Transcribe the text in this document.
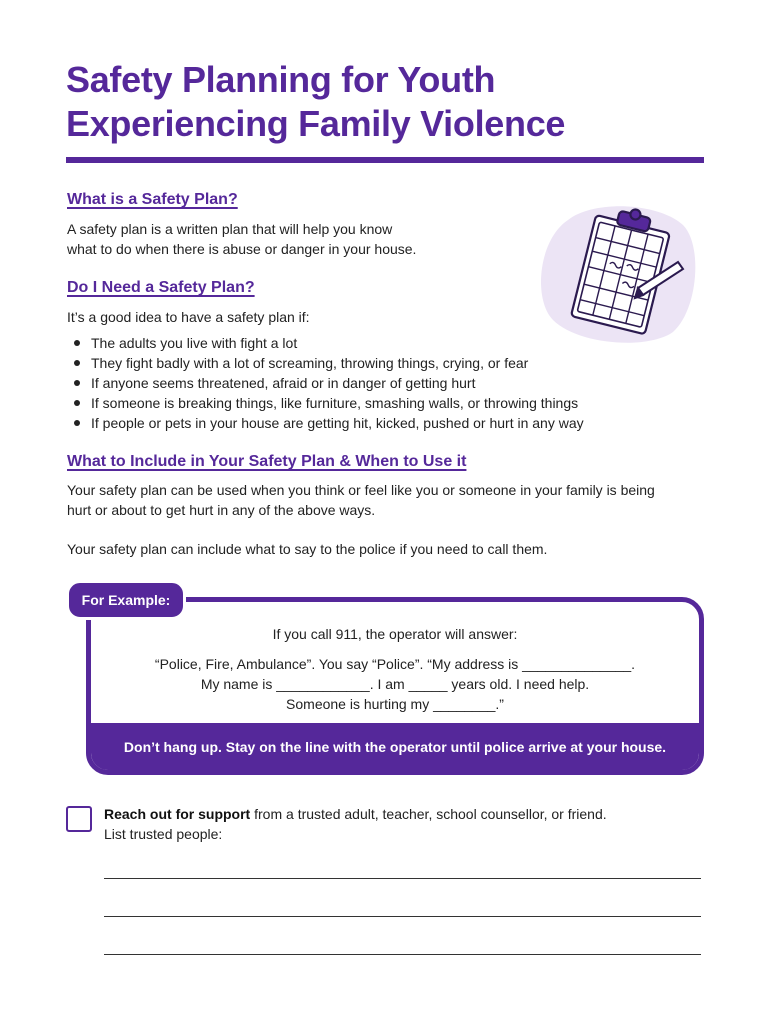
Safety Planning for Youth
Experiencing Family Violence
What is a Safety Plan?

A safety plan is a written plan that will help you know
what to do when there is abuse or danger in your house.

Do I Need a Safety Plan?

It’s a good idea to have a safety plan if:

The adults you live with fight a lot
They fight badly with a lot of screaming, throwing things, crying, or fear
If anyone seems threatened, afraid or in danger of getting hurt
If someone is breaking things, like furniture, smashing walls, or throwing things
If people or pets in your house are getting hit, kicked, pushed or hurt in any way
What to Include in Your Safety Plan & When to Use it

Your safety plan can be used when you think or feel like you or someone in your family is being
hurt or about to get hurt in any of the above ways.

Your safety plan can include what to say to the police if you need to call them.

If you call 911, the operator will answer:
“Police, Fire, Ambulance”. You say “Police”. “My address is ______________.
My name is ____________. I am _____ years old. I need help.
Someone is hurting my ________.”
Don’t hang up. Stay on the line with the operator until police arrive at your house.
For Example:
Reach out for support from a trusted adult, teacher, school counsellor, or friend.
List trusted people:
